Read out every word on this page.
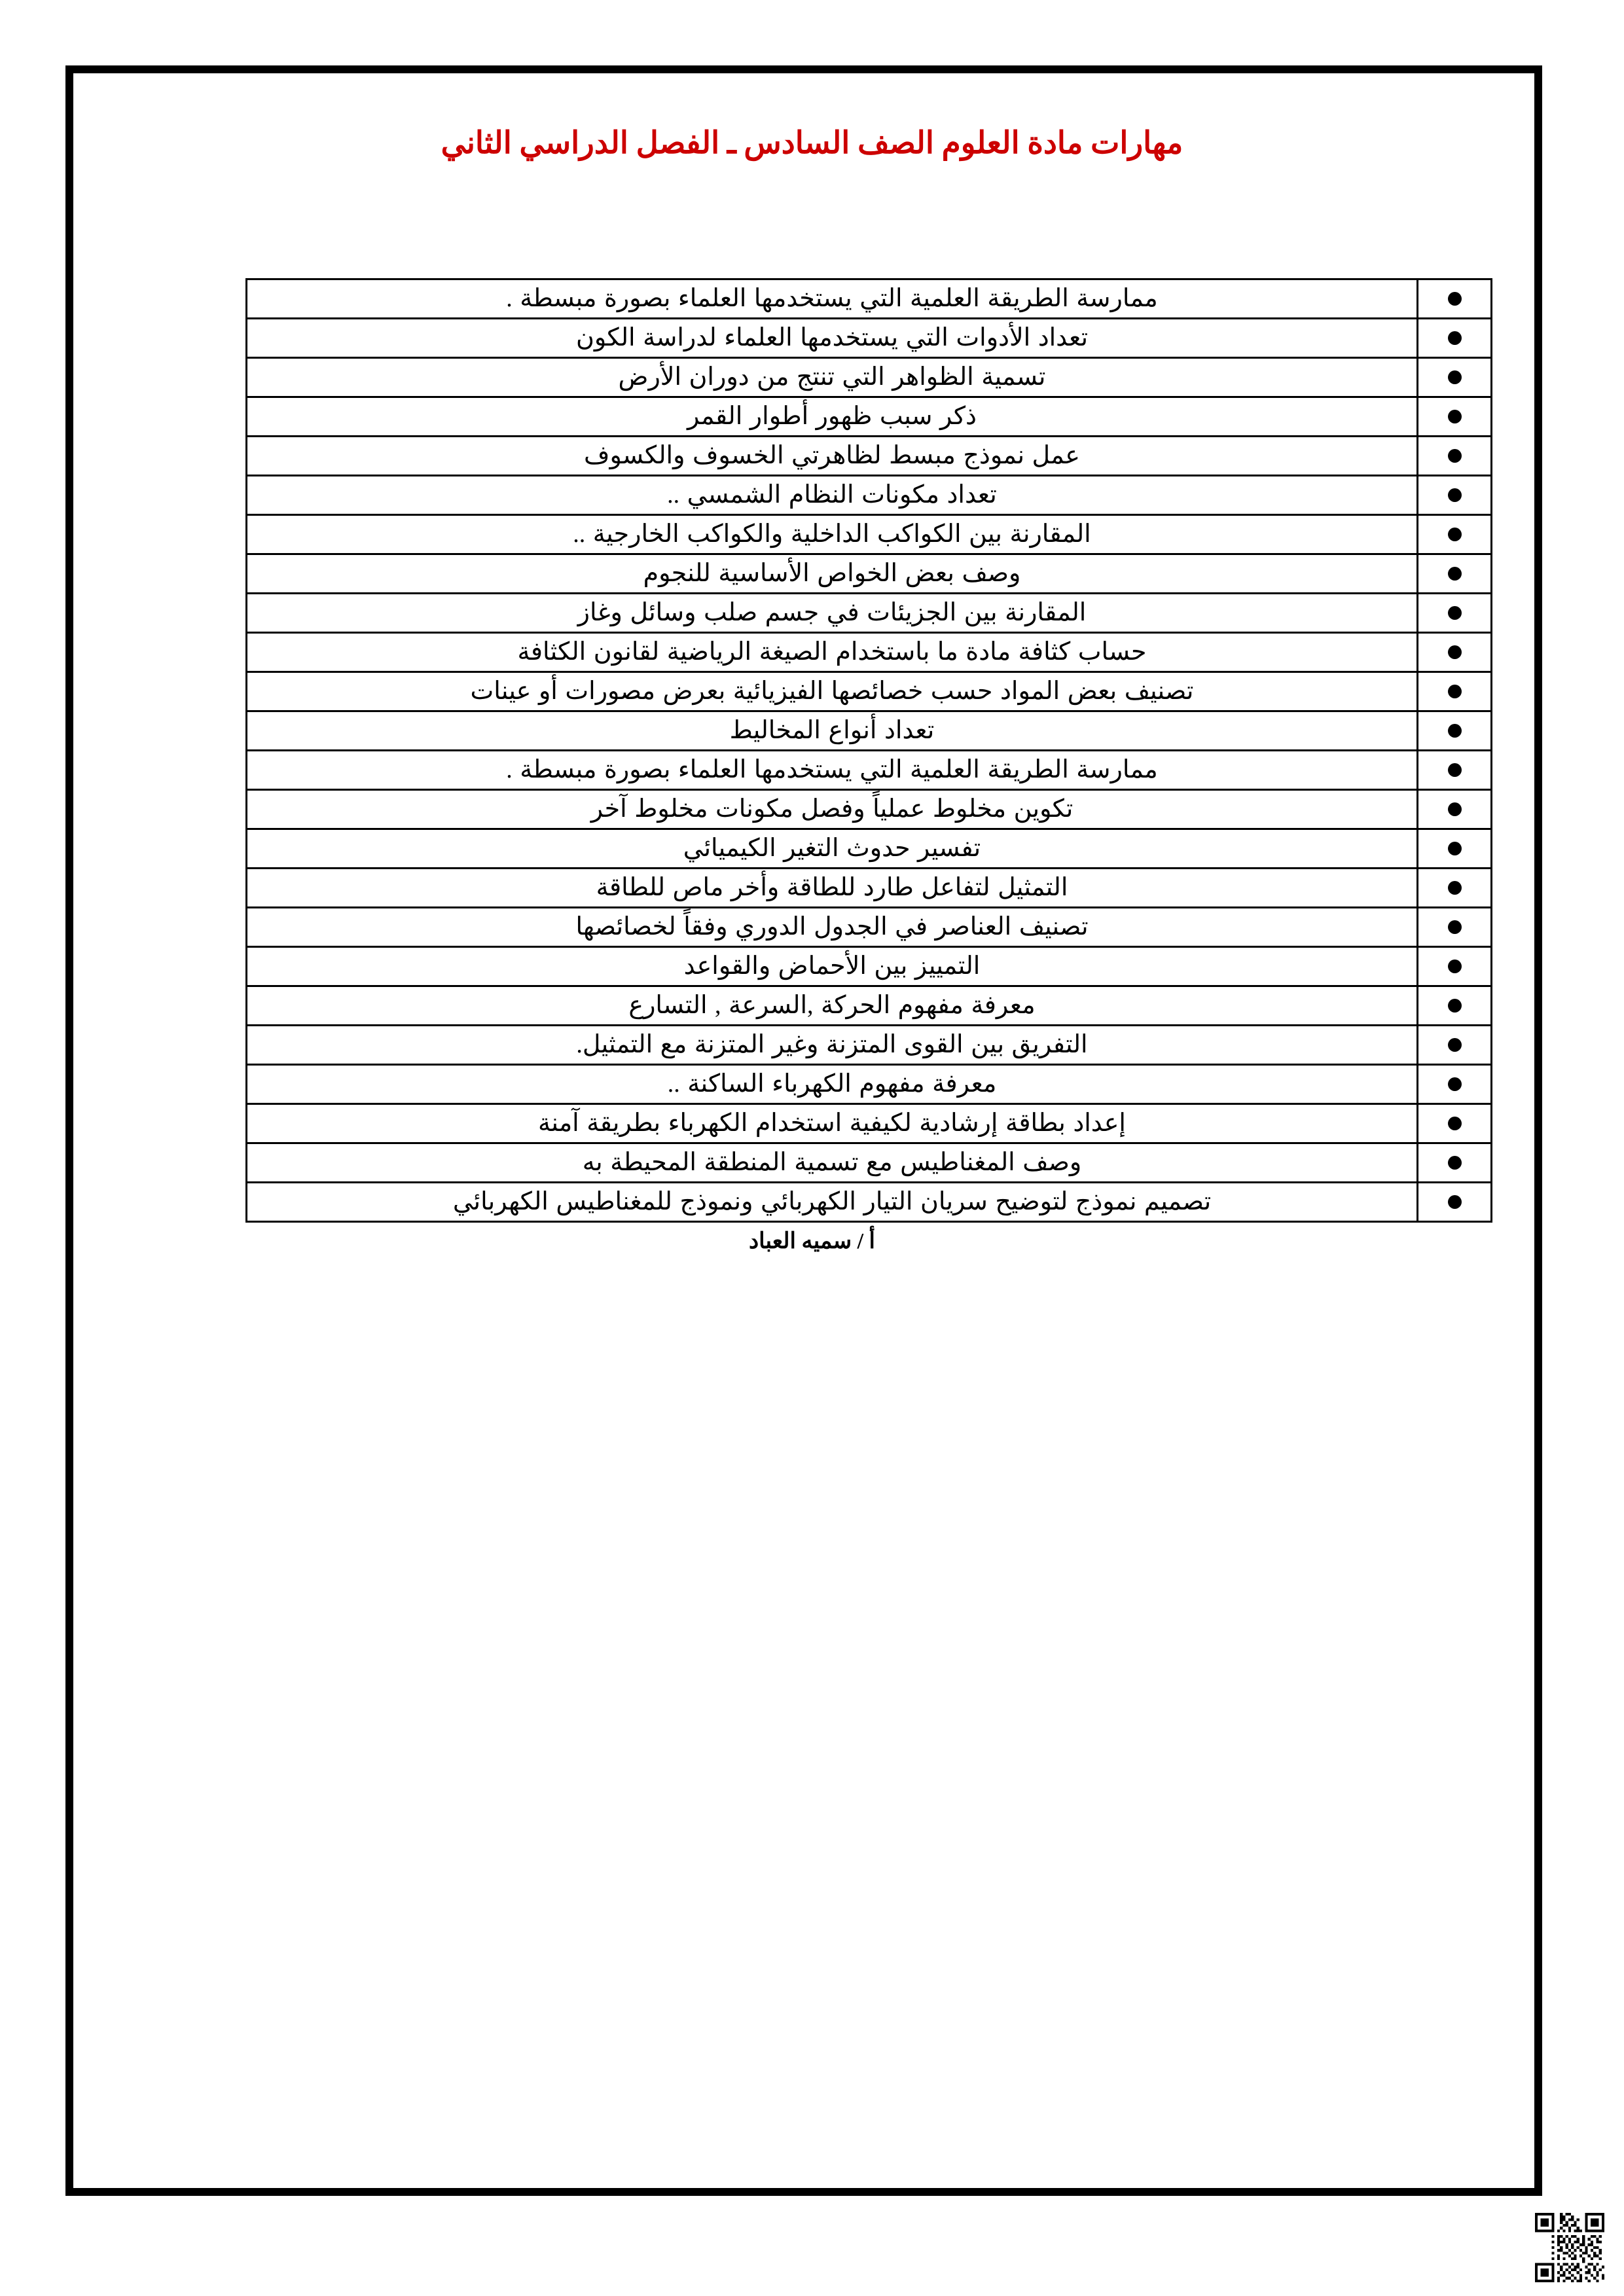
مهارات مادة العلوم الصف السادس ـ الفصل الدراسي الثاني
	ممارسة الطريقة العلمية التي يستخدمها العلماء بصورة مبسطة .
	تعداد الأدوات التي يستخدمها العلماء لدراسة الكون
	تسمية الظواهر التي تنتج من دوران الأرض
	ذكر سبب ظهور أطوار القمر
	عمل نموذج مبسط لظاهرتي الخسوف والكسوف
	تعداد مكونات النظام الشمسي ..
	المقارنة بين الكواكب الداخلية والكواكب الخارجية ..
	وصف بعض الخواص الأساسية للنجوم
	المقارنة بين الجزيئات في جسم صلب وسائل وغاز
	حساب كثافة مادة ما باستخدام الصيغة الرياضية لقانون الكثافة
	تصنيف بعض المواد حسب خصائصها الفيزيائية بعرض مصورات أو عينات
	تعداد أنواع المخاليط
	ممارسة الطريقة العلمية التي يستخدمها العلماء بصورة مبسطة .
	تكوين مخلوط عملياً وفصل مكونات مخلوط آخر
	تفسير حدوث التغير الكيميائي
	التمثيل لتفاعل طارد للطاقة وأخر ماص للطاقة
	تصنيف العناصر في الجدول الدوري وفقاً لخصائصها
	التمييز بين الأحماض والقواعد
	معرفة مفهوم الحركة ,السرعة , التسارع
	التفريق بين القوى المتزنة وغير المتزنة مع التمثيل.
	معرفة مفهوم الكهرباء الساكنة ..
	إعداد بطاقة إرشادية لكيفية استخدام الكهرباء بطريقة آمنة
	وصف المغناطيس مع تسمية المنطقة المحيطة به
	تصميم نموذج لتوضيح سريان التيار الكهربائي ونموذج للمغناطيس الكهربائي
أ / سميه العباد
